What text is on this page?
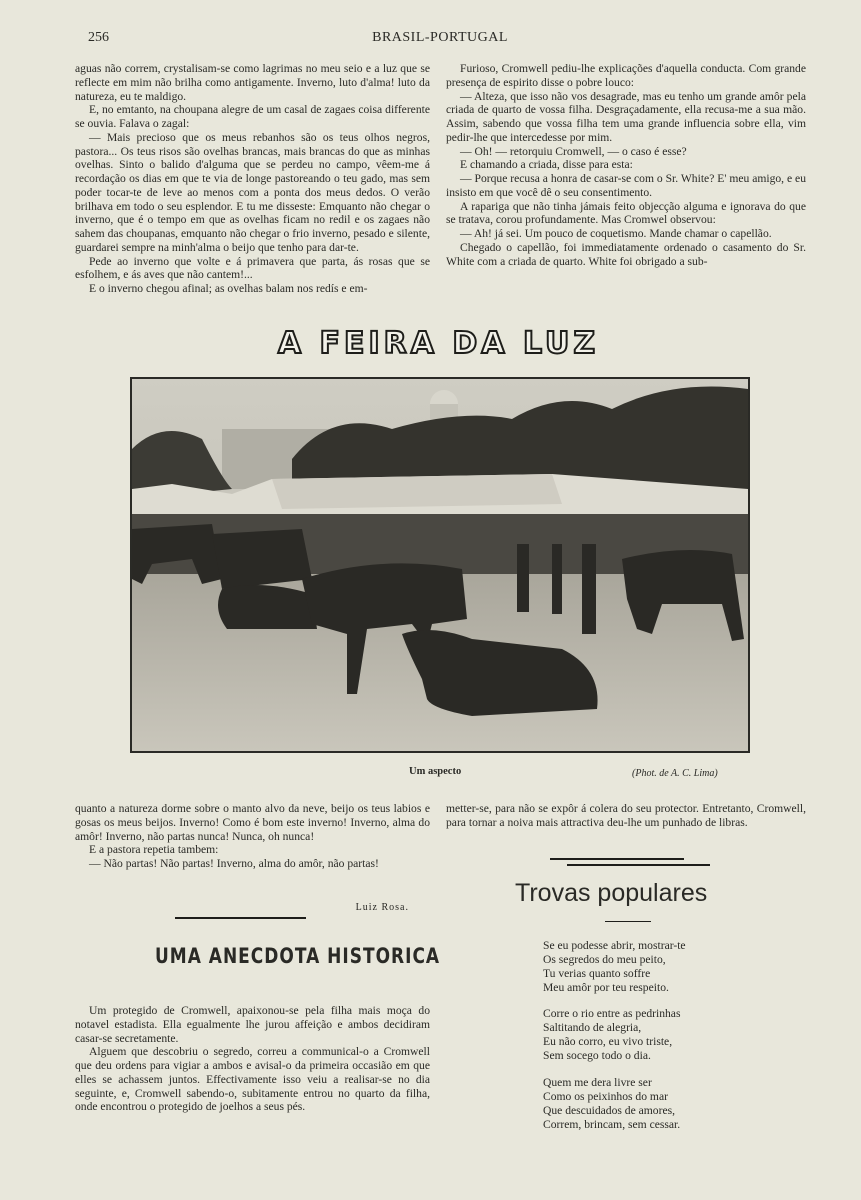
256	BRASIL-PORTUGAL

aguas não correm, crystalisam-se como lagrimas no meu seio e a luz que se reflecte em mim não brilha como antigamente. Inverno, luto d'alma! luto da natureza, eu te maldigo.

E, no emtanto, na choupana alegre de um casal de zagaes coisa differente se ouvia. Falava o zagal:

— Mais precioso que os meus rebanhos são os teus olhos negros, pastora... Os teus risos são ovelhas brancas, mais brancas do que as minhas ovelhas. Sinto o balido d'alguma que se perdeu no campo, vêem-me á recordação os dias em que te via de longe pastoreando o teu gado, mas sem poder tocar-te de leve ao menos com a ponta dos meus dedos. O verão brilhava em todo o seu esplendor. E tu me disseste: Emquanto não chegar o inverno, que é o tempo em que as ovelhas ficam no redil e os zagaes não sahem das choupanas, emquanto não chegar o frio inverno, pesado e silente, guardarei sempre na minh'alma o beijo que tenho para dar-te.

Pede ao inverno que volte e á primavera que parta, ás rosas que se esfolhem, e ás aves que não cantem!...

E o inverno chegou afinal; as ovelhas balam nos redís e em-

Furioso, Cromwell pediu-lhe explicações d'aquella conducta. Com grande presença de espirito disse o pobre louco:

— Alteza, que isso não vos desagrade, mas eu tenho um grande amôr pela criada de quarto de vossa filha. Desgraçadamente, ella recusa-me a sua mão. Assim, sabendo que vossa filha tem uma grande influencia sobre ella, vim pedir-lhe que intercedesse por mim.

— Oh! — retorquiu Cromwell, — o caso é esse?

E chamando a criada, disse para esta:

— Porque recusa a honra de casar-se com o Sr. White? E' meu amigo, e eu insisto em que você dê o seu consentimento.

A rapariga que não tinha jámais feito objecção alguma e ignorava do que se tratava, corou profundamente. Mas Cromwel observou:

— Ah! já sei. Um pouco de coquetismo. Mande chamar o capellão.

Chegado o capellão, foi immediatamente ordenado o casamento do Sr. White com a criada de quarto. White foi obrigado a sub-

A FEIRA DA LUZ
Um aspecto	(Phot. de A. C. Lima)

quanto a natureza dorme sobre o manto alvo da neve, beijo os teus labios e gosas os meus beijos. Inverno! Como é bom este inverno! Inverno, alma do amôr! Inverno, não partas nunca! Nunca, oh nunca!

E a pastora repetia tambem:

— Não partas! Não partas! Inverno, alma do amôr, não partas!

Luiz Rosa.
UMA ANECDOTA HISTORICA

Um protegido de Cromwell, apaixonou-se pela filha mais moça do notavel estadista. Ella egualmente lhe jurou affeição e ambos decidiram casar-se secretamente.

Alguem que descobriu o segredo, correu a communical-o a Cromwell que deu ordens para vigiar a ambos e avisal-o da primeira occasião em que elles se achassem juntos. Effectivamente isso veiu a realisar-se no dia seguinte, e, Cromwell sabendo-o, subitamente entrou no quarto da filha, onde encontrou o protegido de joelhos a seus pés.

metter-se, para não se expôr á colera do seu protector. Entretanto, Cromwell, para tornar a noiva mais attractiva deu-lhe um punhado de libras.

Trovas populares
Se eu podesse abrir, mostrar-te
Os segredos do meu peito,
Tu verias quanto soffre
Meu amôr por teu respeito.
Corre o rio entre as pedrinhas
Saltitando de alegria,
Eu não corro, eu vivo triste,
Sem socego todo o dia.
Quem me dera livre ser
Como os peixinhos do mar
Que descuidados de amores,
Correm, brincam, sem cessar.
